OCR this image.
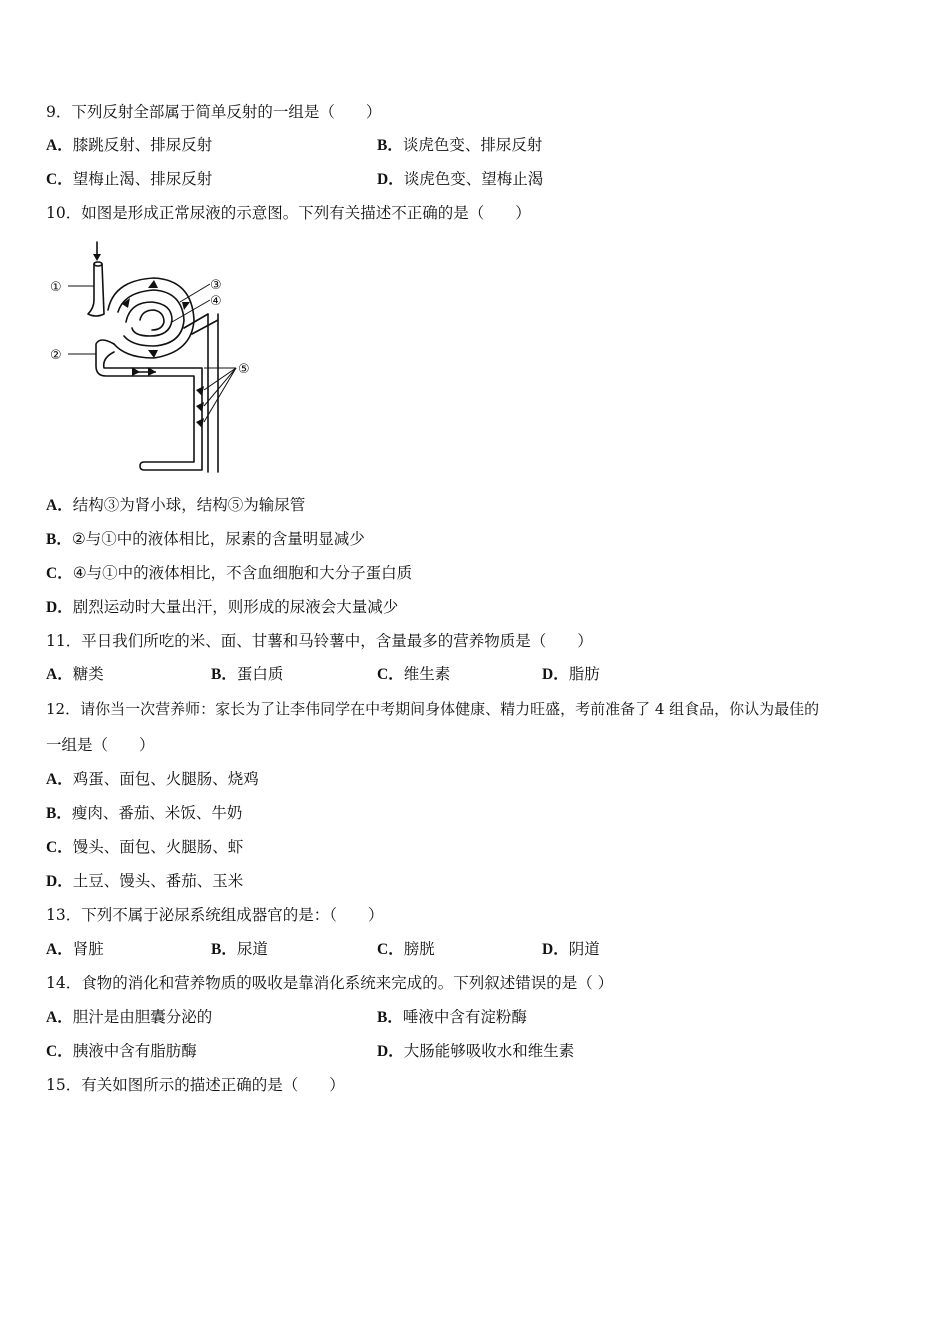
9．下列反射全部属于简单反射的一组是（　　）
A．膝跳反射、排尿反射	B．谈虎色变、排尿反射
C．望梅止渴、排尿反射	D．谈虎色变、望梅止渴
10．如图是形成正常尿液的示意图。下列有关描述不正确的是（　　）
①
②
③
④
⑤
A．结构③为肾小球，结构⑤为输尿管
B．②与①中的液体相比，尿素的含量明显减少
C．④与①中的液体相比，不含血细胞和大分子蛋白质
D．剧烈运动时大量出汗，则形成的尿液会大量减少
11．平日我们所吃的米、面、甘薯和马铃薯中，含量最多的营养物质是（　　）
A．糖类	B．蛋白质	C．维生素	D．脂肪
12．请你当一次营养师：家长为了让李伟同学在中考期间身体健康、精力旺盛，考前准备了 4 组食品，你认为最佳的
一组是（　　）
A．鸡蛋、面包、火腿肠、烧鸡
B．瘦肉、番茄、米饭、牛奶
C．馒头、面包、火腿肠、虾
D．土豆、馒头、番茄、玉米
13．下列不属于泌尿系统组成器官的是：（　　）
A．肾脏	B．尿道	C．膀胱	D．阴道
14．食物的消化和营养物质的吸收是靠消化系统来完成的。下列叙述错误的是（ ）
A．胆汁是由胆囊分泌的	B．唾液中含有淀粉酶
C．胰液中含有脂肪酶	D．大肠能够吸收水和维生素
15．有关如图所示的描述正确的是（　　）
